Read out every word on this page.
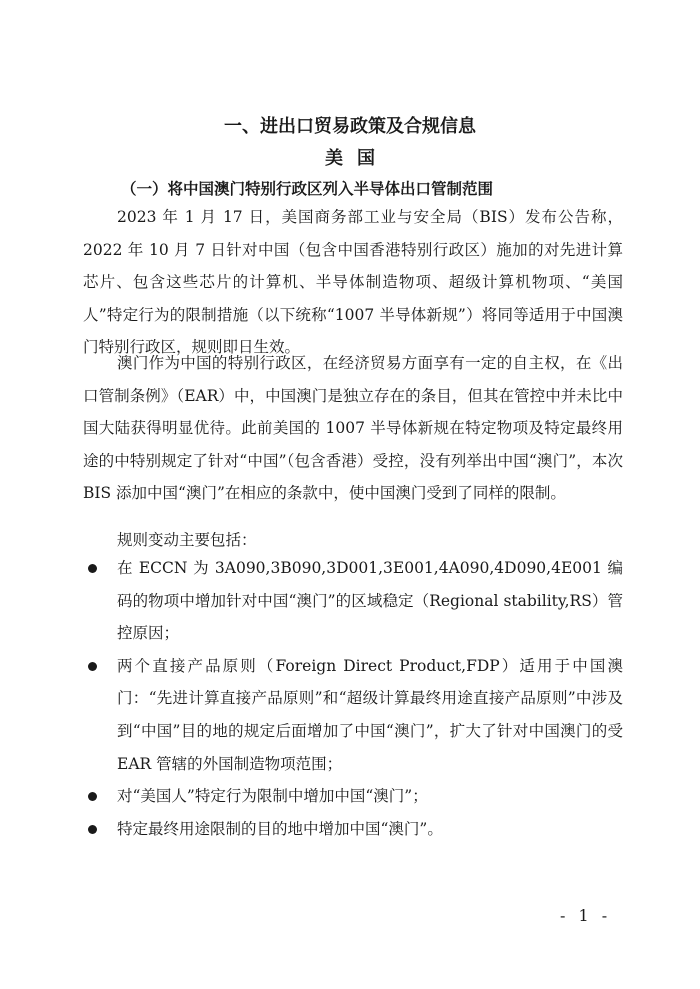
一、进出口贸易政策及合规信息
美国
（一）将中国澳门特别行政区列入半导体出口管制范围

2023 年 1 月 17 日，美国商务部工业与安全局（BIS）发布公告称，2022 年 10 月 7 日针对中国（包含中国香港特别行政区）施加的对先进计算芯片、包含这些芯片的计算机、半导体制造物项、超级计算机物项、“美国人”特定行为的限制措施（以下统称“1007 半导体新规”）将同等适用于中国澳门特别行政区，规则即日生效。

澳门作为中国的特别行政区，在经济贸易方面享有一定的自主权，在《出口管制条例》（EAR）中，中国澳门是独立存在的条目，但其在管控中并未比中国大陆获得明显优待。此前美国的 1007 半导体新规在特定物项及特定最终用途的中特别规定了针对“中国”（包含香港）受控，没有列举出中国“澳门”，本次 BIS 添加中国“澳门”在相应的条款中，使中国澳门受到了同样的限制。

规则变动主要包括：
在 ECCN 为 3A090,3B090,3D001,3E001,4A090,4D090,4E001 编码的物项中增加针对中国“澳门”的区域稳定（Regional stability,RS）管控原因；
两个直接产品原则（Foreign Direct Product,FDP）适用于中国澳门：“先进计算直接产品原则”和“超级计算最终用途直接产品原则”中涉及到“中国”目的地的规定后面增加了中国“澳门”，扩大了针对中国澳门的受 EAR 管辖的外国制造物项范围；
对“美国人”特定行为限制中增加中国“澳门”；
特定最终用途限制的目的地中增加中国“澳门”。
- 1 -
